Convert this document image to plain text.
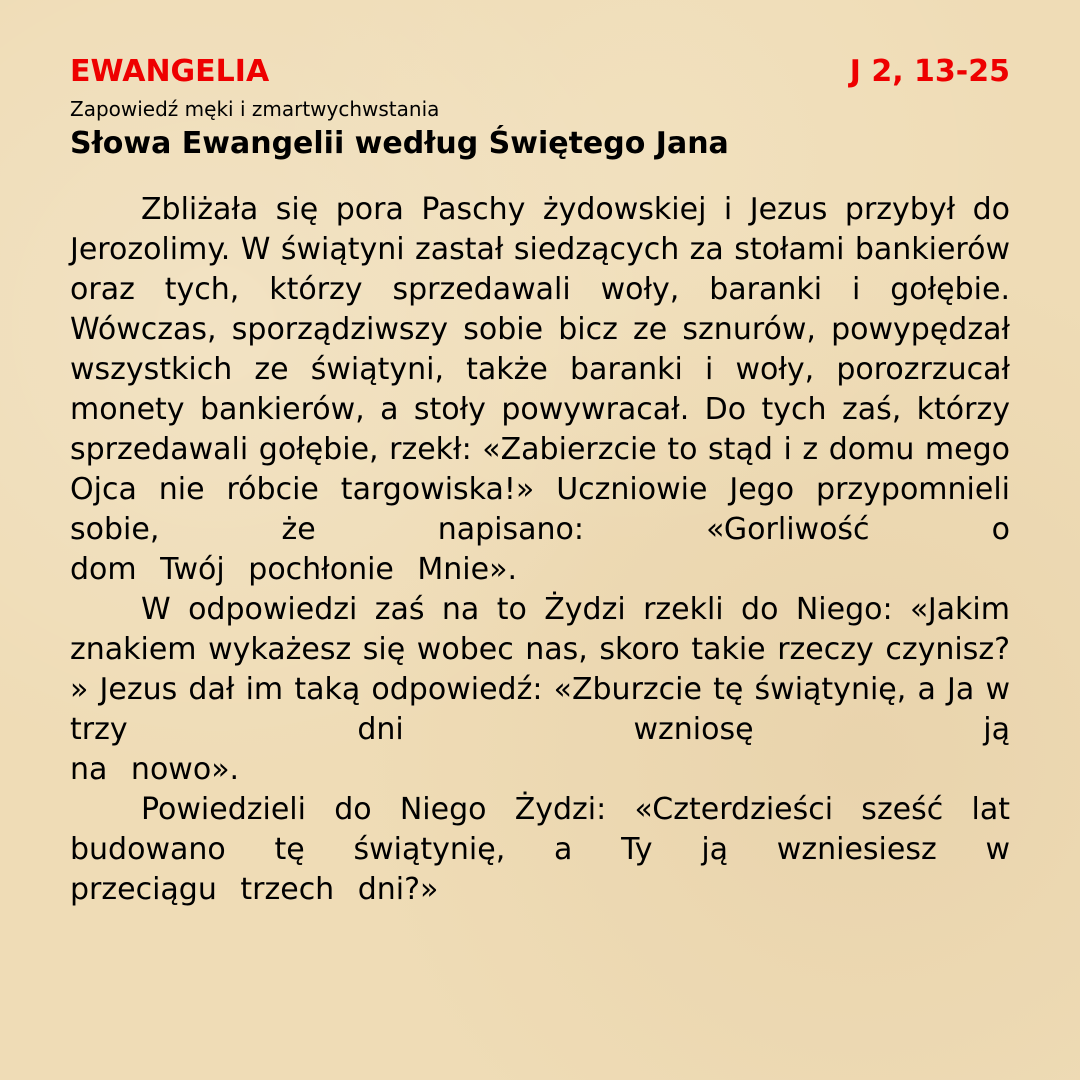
EWANGELIA	J 2, 13-25
Zapowiedź męki i zmartwychwstania
Słowa Ewangelii według Świętego Jana

Zbliżała się pora Paschy żydowskiej i Jezus przybył do Jerozolimy. W świątyni zastał siedzących za stołami bankierów oraz tych, którzy sprzedawali woły, baranki i gołębie. Wówczas, sporządziwszy sobie bicz ze sznurów, powypędzał wszystkich ze świątyni, także baranki i woły, porozrzucał monety bankierów, a stoły powywracał. Do tych zaś, którzy sprzedawali gołębie, rzekł: «Zabierzcie to stąd i z domu mego Ojca nie róbcie targowiska!» Uczniowie Jego przypomnieli sobie, że napisano: «Gorliwość o
dom Twój pochłonie Mnie».

W odpowiedzi zaś na to Żydzi rzekli do Niego: «Jakim znakiem wykażesz się wobec nas, skoro takie rzeczy czynisz? » Jezus dał im taką odpowiedź: «Zburzcie tę świątynię, a Ja w trzy dni wzniosę ją
na nowo».

Powiedzieli do Niego Żydzi: «Czterdzieści sześć lat budowano tę świątynię, a Ty ją wzniesiesz w
przeciągu trzech dni?»
